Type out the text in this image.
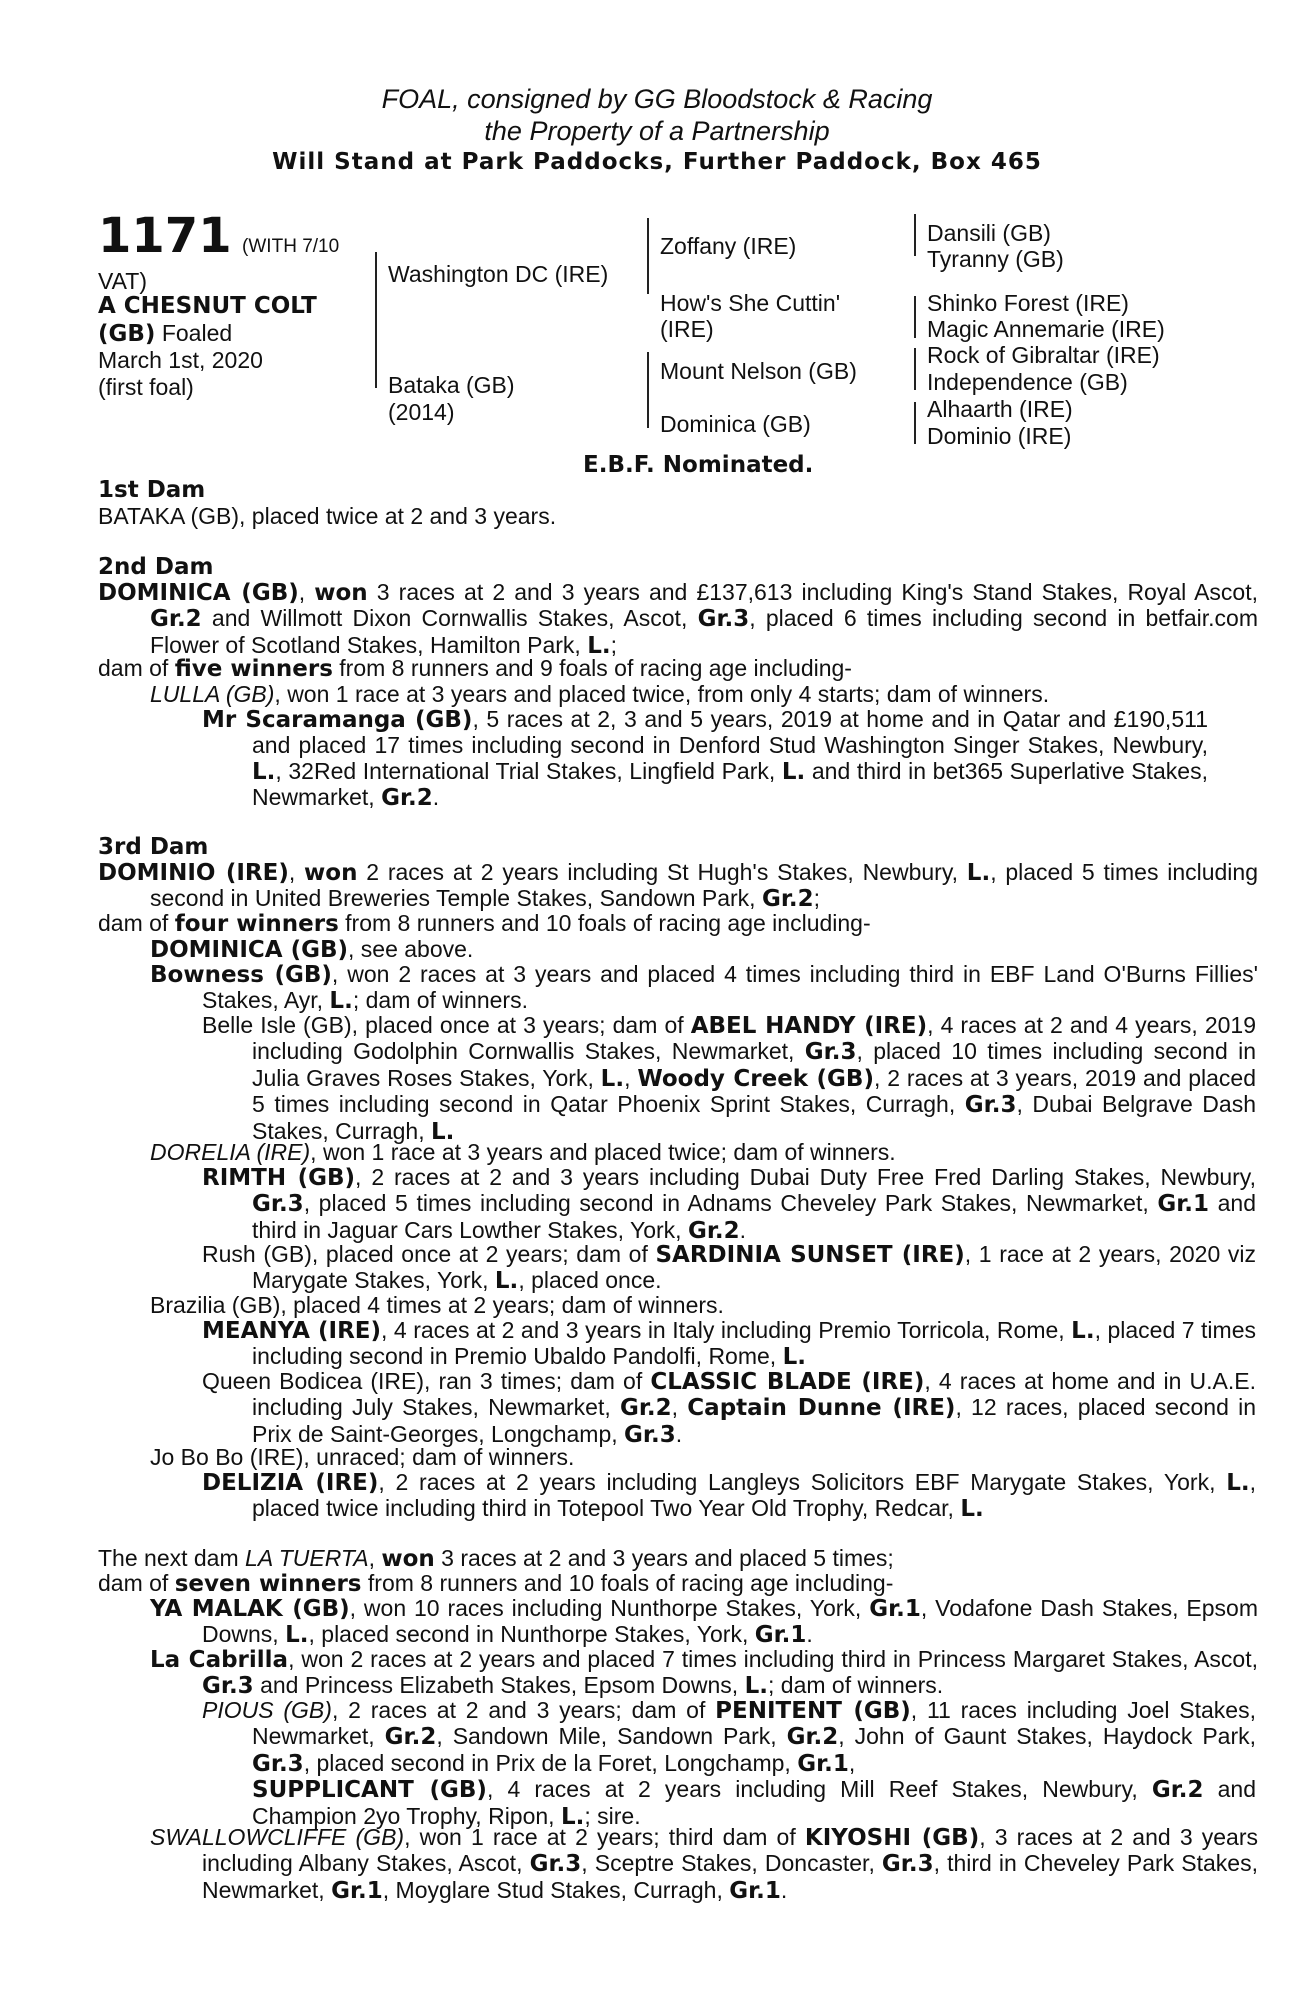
FOAL, consigned by GG Bloodstock & Racing
the Property of a Partnership
Will Stand at Park Paddocks, Further Paddock, Box 465
1171 (WITH 7/10
VAT)
A CHESNUT COLT
(GB) Foaled
March 1st, 2020
(first foal)
Washington DC (IRE)
Bataka (GB)
(2014)
Zoffany (IRE)
How's She Cuttin'
(IRE)
Mount Nelson (GB)
Dominica (GB)
Dansili (GB)
Tyranny (GB)
Shinko Forest (IRE)
Magic Annemarie (IRE)
Rock of Gibraltar (IRE)
Independence (GB)
Alhaarth (IRE)
Dominio (IRE)
E.B.F. Nominated.
1st Dam
BATAKA (GB), placed twice at 2 and 3 years.
2nd Dam
DOMINICA (GB), won 3 races at 2 and 3 years and £137,613 including King's Stand Stakes, Royal Ascot, Gr.2 and Willmott Dixon Cornwallis Stakes, Ascot, Gr.3, placed 6 times including second in betfair.com Flower of Scotland Stakes, Hamilton Park, L.;
dam of five winners from 8 runners and 9 foals of racing age including-
LULLA (GB), won 1 race at 3 years and placed twice, from only 4 starts; dam of winners.
Mr Scaramanga (GB), 5 races at 2, 3 and 5 years, 2019 at home and in Qatar and £190,511 and placed 17 times including second in Denford Stud Washington Singer Stakes, Newbury, L., 32Red International Trial Stakes, Lingfield Park, L. and third in bet365 Superlative Stakes, Newmarket, Gr.2.
3rd Dam
DOMINIO (IRE), won 2 races at 2 years including St Hugh's Stakes, Newbury, L., placed 5 times including second in United Breweries Temple Stakes, Sandown Park, Gr.2;
dam of four winners from 8 runners and 10 foals of racing age including-
DOMINICA (GB), see above.
Bowness (GB), won 2 races at 3 years and placed 4 times including third in EBF Land O'Burns Fillies' Stakes, Ayr, L.; dam of winners.
Belle Isle (GB), placed once at 3 years; dam of ABEL HANDY (IRE), 4 races at 2 and 4 years, 2019 including Godolphin Cornwallis Stakes, Newmarket, Gr.3, placed 10 times including second in Julia Graves Roses Stakes, York, L., Woody Creek (GB), 2 races at 3 years, 2019 and placed 5 times including second in Qatar Phoenix Sprint Stakes, Curragh, Gr.3, Dubai Belgrave Dash Stakes, Curragh, L.
DORELIA (IRE), won 1 race at 3 years and placed twice; dam of winners.
RIMTH (GB), 2 races at 2 and 3 years including Dubai Duty Free Fred Darling Stakes, Newbury, Gr.3, placed 5 times including second in Adnams Cheveley Park Stakes, Newmarket, Gr.1 and third in Jaguar Cars Lowther Stakes, York, Gr.2.
Rush (GB), placed once at 2 years; dam of SARDINIA SUNSET (IRE), 1 race at 2 years, 2020 viz Marygate Stakes, York, L., placed once.
Brazilia (GB), placed 4 times at 2 years; dam of winners.
MEANYA (IRE), 4 races at 2 and 3 years in Italy including Premio Torricola, Rome, L., placed 7 times including second in Premio Ubaldo Pandolfi, Rome, L.
Queen Bodicea (IRE), ran 3 times; dam of CLASSIC BLADE (IRE), 4 races at home and in U.A.E. including July Stakes, Newmarket, Gr.2, Captain Dunne (IRE), 12 races, placed second in Prix de Saint-Georges, Longchamp, Gr.3.
Jo Bo Bo (IRE), unraced; dam of winners.
DELIZIA (IRE), 2 races at 2 years including Langleys Solicitors EBF Marygate Stakes, York, L., placed twice including third in Totepool Two Year Old Trophy, Redcar, L.
The next dam LA TUERTA, won 3 races at 2 and 3 years and placed 5 times;
dam of seven winners from 8 runners and 10 foals of racing age including-
YA MALAK (GB), won 10 races including Nunthorpe Stakes, York, Gr.1, Vodafone Dash Stakes, Epsom Downs, L., placed second in Nunthorpe Stakes, York, Gr.1.
La Cabrilla, won 2 races at 2 years and placed 7 times including third in Princess Margaret Stakes, Ascot, Gr.3 and Princess Elizabeth Stakes, Epsom Downs, L.; dam of winners.
PIOUS (GB), 2 races at 2 and 3 years; dam of PENITENT (GB), 11 races including Joel Stakes, Newmarket, Gr.2, Sandown Mile, Sandown Park, Gr.2, John of Gaunt Stakes, Haydock Park, Gr.3, placed second in Prix de la Foret, Longchamp, Gr.1,
SUPPLICANT (GB), 4 races at 2 years including Mill Reef Stakes, Newbury, Gr.2 and Champion 2yo Trophy, Ripon, L.; sire.
SWALLOWCLIFFE (GB), won 1 race at 2 years; third dam of KIYOSHI (GB), 3 races at 2 and 3 years including Albany Stakes, Ascot, Gr.3, Sceptre Stakes, Doncaster, Gr.3, third in Cheveley Park Stakes, Newmarket, Gr.1, Moyglare Stud Stakes, Curragh, Gr.1.
